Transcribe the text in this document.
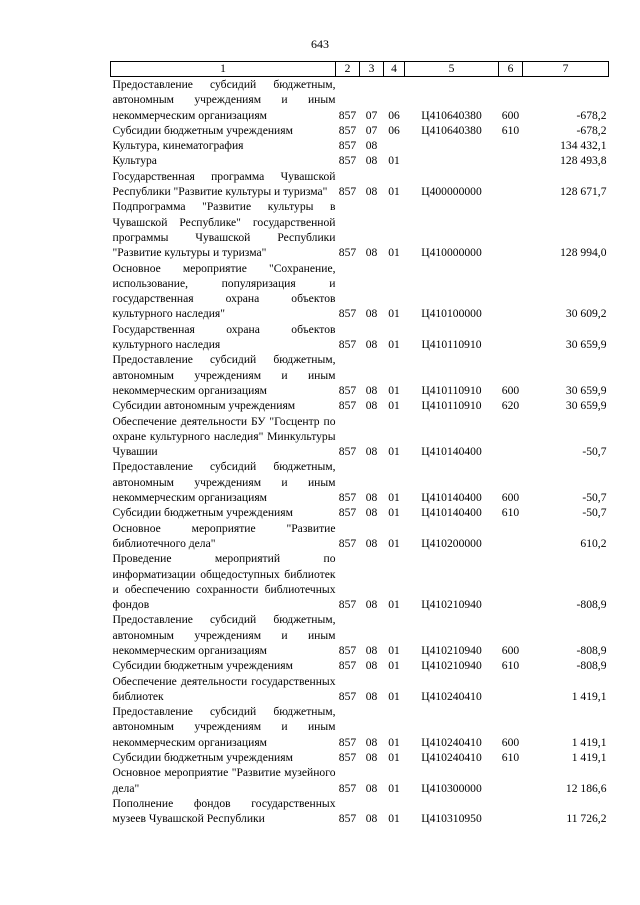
643
1	2	3	4	5	6	7
Предоставление субсидий бюджетным, автономным учреждениям и иным некоммерческим организациям	857	07	06	Ц410640380	600	-678,2
Субсидии бюджетным учреждениям	857	07	06	Ц410640380	610	-678,2
Культура, кинематография	857	08				134 432,1
Культура	857	08	01			128 493,8
Государственная программа Чувашской Республики "Развитие культуры и туризма"	857	08	01	Ц400000000		128 671,7
Подпрограмма "Развитие культуры в Чувашской Республике" государственной программы Чувашской Республики "Развитие культуры и туризма"	857	08	01	Ц410000000		128 994,0
Основное мероприятие "Сохранение, использование, популяризация и государственная охрана объектов культурного наследия"	857	08	01	Ц410100000		30 609,2
Государственная охрана объектов культурного наследия	857	08	01	Ц410110910		30 659,9
Предоставление субсидий бюджетным, автономным учреждениям и иным некоммерческим организациям	857	08	01	Ц410110910	600	30 659,9
Субсидии автономным учреждениям	857	08	01	Ц410110910	620	30 659,9
Обеспечение деятельности БУ "Госцентр по охране культурного наследия" Минкультуры Чувашии	857	08	01	Ц410140400		-50,7
Предоставление субсидий бюджетным, автономным учреждениям и иным некоммерческим организациям	857	08	01	Ц410140400	600	-50,7
Субсидии бюджетным учреждениям	857	08	01	Ц410140400	610	-50,7
Основное мероприятие "Развитие библиотечного дела"	857	08	01	Ц410200000		610,2
Проведение мероприятий по информатизации общедоступных библиотек и обеспечению сохранности библиотечных фондов	857	08	01	Ц410210940		-808,9
Предоставление субсидий бюджетным, автономным учреждениям и иным некоммерческим организациям	857	08	01	Ц410210940	600	-808,9
Субсидии бюджетным учреждениям	857	08	01	Ц410210940	610	-808,9
Обеспечение деятельности государственных библиотек	857	08	01	Ц410240410		1 419,1
Предоставление субсидий бюджетным, автономным учреждениям и иным некоммерческим организациям	857	08	01	Ц410240410	600	1 419,1
Субсидии бюджетным учреждениям	857	08	01	Ц410240410	610	1 419,1
Основное мероприятие "Развитие музейного дела"	857	08	01	Ц410300000		12 186,6
Пополнение фондов государственных музеев Чувашской Республики	857	08	01	Ц410310950		11 726,2
